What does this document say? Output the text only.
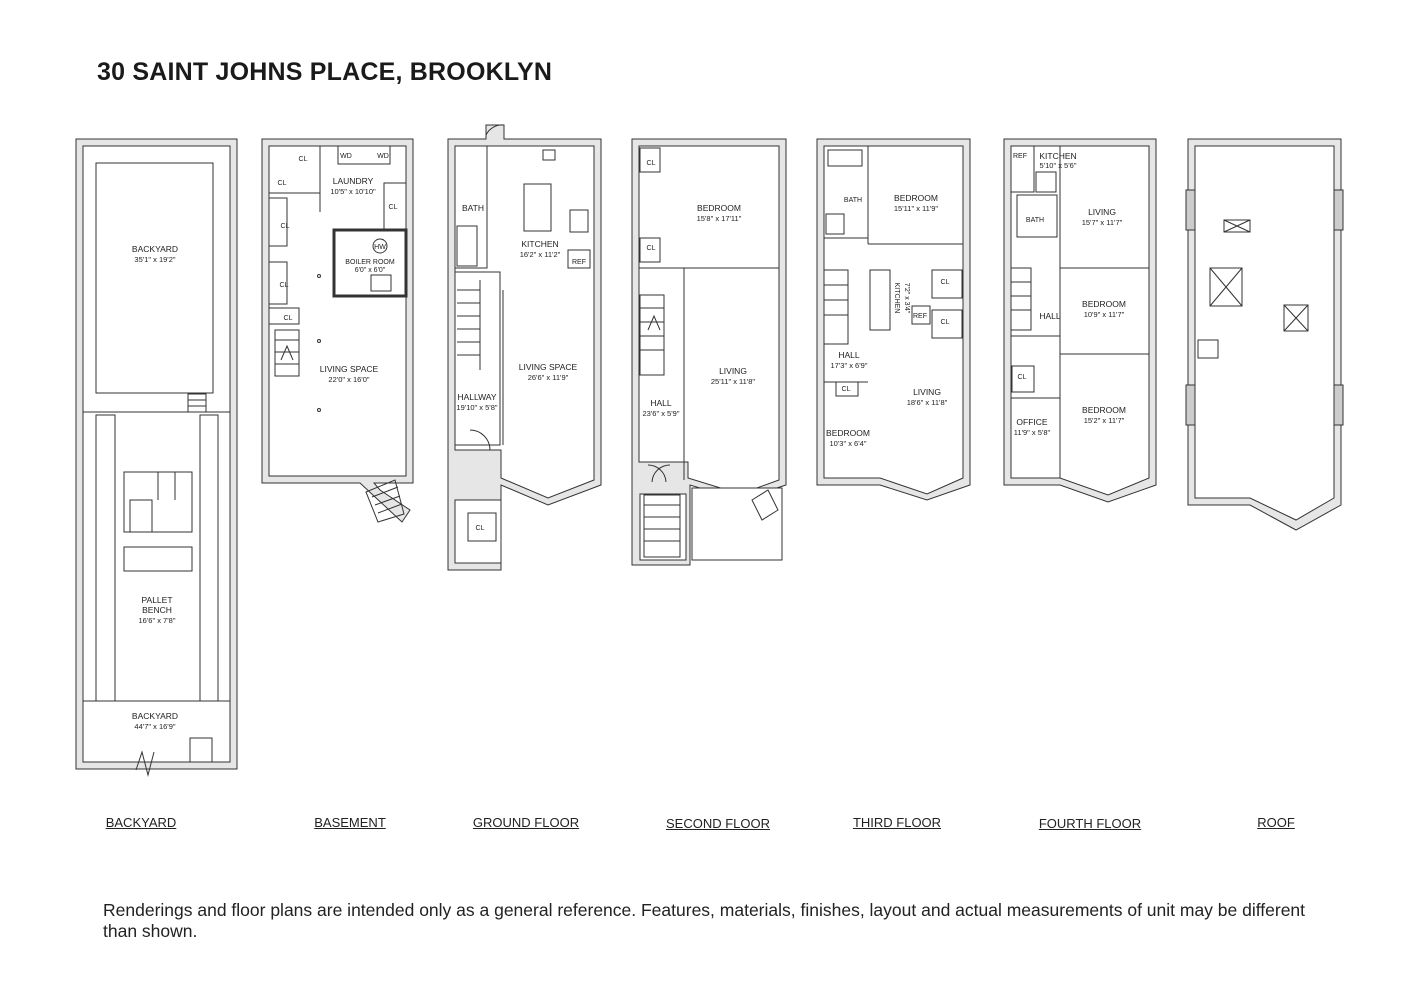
30 SAINT JOHNS PLACE, BROOKLYN
BACKYARD
35'1" x 19'2"
PALLET
BENCH
16'6" x 7'8"
BACKYARD
44'7" x 16'9"
LAUNDRY
10'5" x 10'10"
BOILER ROOM
6'0" x 6'0"
LIVING SPACE
22'0" x 16'0"
CL
CL
CL
CL
CL
CL
WD	WD
HW
BATH
KITCHEN
16'2" x 11'2"
LIVING SPACE
26'6" x 11'9"
HALLWAY
19'10" x 5'8"
REF
CL
BEDROOM
15'8" x 17'11"
LIVING
25'11" x 11'8"
HALL
23'6" x 5'9"
CL
CL
BATH	BEDROOM
15'11" x 11'9"
KITCHEN 7'2" x 3'4"
HALL
17'3" x 6'9"
LIVING
18'6" x 11'8"
BEDROOM
10'3" x 6'4"
CL
CL
CL
REF
KITCHEN
5'10" x 5'6"
BATH
LIVING
15'7" x 11'7"
BEDROOM
10'9" x 11'7"
HALL
OFFICE
11'9" x 5'8"
BEDROOM
15'2" x 11'7"
REF
CL
BACKYARD	BASEMENT	GROUND FLOOR	SECOND FLOOR	THIRD FLOOR	FOURTH FLOOR	ROOF

Renderings and floor plans are intended only as a general reference. Features, materials, finishes, layout and actual measurements of unit may be different than shown.
